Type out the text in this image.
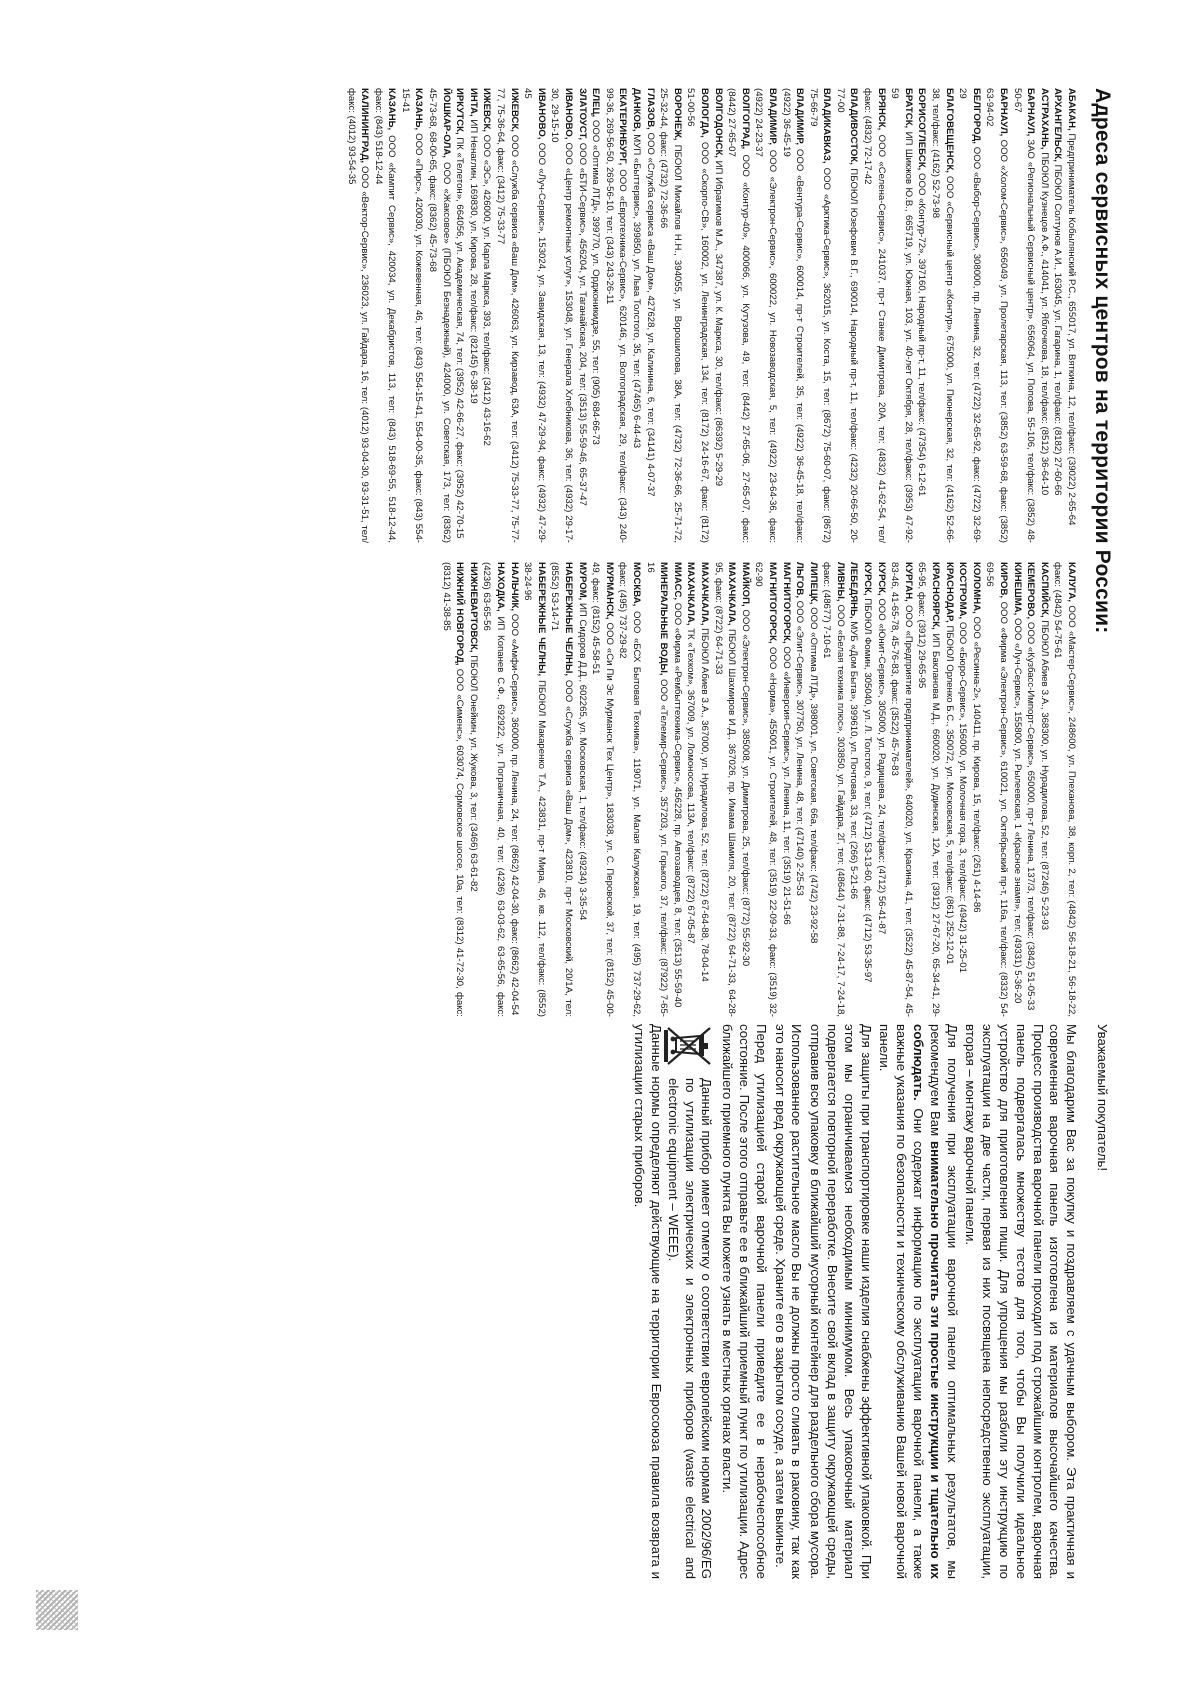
Адреса сервисных центров на территории России:

АБАКАН, Предприниматель Кобылянский Р.С., 655017, ул. Вяткина, 12, тел/факс: (39022) 2-65-64

АРХАНГЕЛЬСК, ПБОЮЛ Солтунов А.И., 163045, ул. Гагарина, 1, тел/факс: (8182) 27-60-66

АСТРАХАНЬ, ПБОЮЛ Кузнецов А.Ф., 414041, ул. Яблочкова, 18, тел/факс: (8512) 36-64-10

БАРНАУЛ, ЗАО «Региональный Сервисный центр», 656064, ул. Попова, 55-106, тел/факс: (3852) 48-50-67

БАРНАУЛ, ООО «Холом-Сервис», 656049, ул. Пролетарская, 113, тел: (3852) 63-59-68, факс: (3852) 63-94-02

БЕЛГОРОД, ООО «Выбор-Сервис», 308000, пр. Ленина, 32, тел: (4722) 32-65-92, факс: (4722) 32-69-29

БЛАГОВЕЩЕНСК, ООО «Сервисный центр «Контур», 675000, ул. Пионерская, 32, тел: (4162) 52-66-38, тел/факс: (4162) 52-73-98

БОРИСОГЛЕБСК, ООО «Контур-72», 397160, Народный пр-т, 11, тел/факс: (47354) 6-12-61

БРАТСК, ИП Шикжов Ю.В., 665719, ул. Южная, 103, ул. 40-лет Октября, 28, тел/факс: (3953) 47-92-59

БРЯНСК, ООО «Селена-Сервис», 241037, пр-т Станке Димитрова, 20А, тел: (4832) 41-62-54, тел/факс: (4832) 72-17-42

ВЛАДИВОСТОК, ПБОЮЛ Юзефович В.Г., 690014, Народный пр-т, 11, тел/факс: (4232) 20-66-50, 20-77-00

ВЛАДИКАВКАЗ, ООО «Арктика-Сервис», 362015, ул. Коста, 15, тел: (8672) 75-60-07, факс: (8672) 75-66-79

ВЛАДИМИР, ООО «Вентура-Сервис», 600014, пр-т Строителей, 35, тел: (4922) 36-45-18, тел/факс: (4922) 36-45-19

ВЛАДИМИР, ООО «Электрон-Сервис», 600022, ул. Новозаводская, 5, тел: (4922) 23-64-36, факс: (4922) 24-23-37

ВОЛГОГРАД, ООО «Контур-40», 400066, ул. Кутузова, 49, тел: (8442) 27-65-06, 27-65-07, факс: (8442) 27-65-07

ВОЛГОДОНСК, ИП Ибрагимов М.А., 347387, ул. К. Маркса, 30, тел/факс: (86392) 5-29-29

ВОЛОГДА, ООО «Скорпо-СВ», 160002, ул. Ленинградская, 134, тел: (8172) 24-16-67, факс: (8172) 51-00-56

ВОРОНЕЖ, ПБОЮЛ Михайлов Н.Н., 394055, ул. Ворошилова, 38А, тел: (4732) 72-36-66, 25-71-72, 25-32-44, факс: (4732) 72-36-66

ГЛАЗОВ, ООО «Служба сервиса «Ваш Дом», 427628, ул. Калинина, 6, тел: (34141) 4-07-37

ДАНКОВ, МУП «Быттервис», 399850, ул. Льва Толстого, 35, тел: (47465) 6-44-43

ЕКАТЕРИНБУРГ, ООО «Евротехника-Сервис», 620146, ул. Волгоградская, 29, тел/факс: (343) 240-99-36, 269-56-50, 269-56-10, тел: (343) 243-26-11

ЕЛЕЦ, ООО «Оптима ЛТД», 399770, ул. Орджоникидзе, 55, тел: (905) 684-66-73

ЗЛАТОУСТ, ООО «БТИ-Сервис», 456204, ул. Таганайская, 204, тел: (3513) 55-59-46, 65-37-47

ИВАНОВО, ООО «Центр ремонтных услуг», 153048, ул. Генерала Хлебникова, 36, тел: (4932) 29-17-30, 29-15-10

ИВАНОВО, ООО «Луч-Сервис», 153024, ул. Завидская, 13, тел: (4932) 47-29-94, факс: (4932) 47-29-45

ИЖЕВСК, ООО «Служба сервиса «Ваш Дом», 426063, ул. Кирзавод, 63А, тел: (3412) 75-33-77, 75-77-77, 75-36-64, факс: (3412) 75-33-77

ИЖЕВСК, ООО «ЭС», 426000, ул. Карла Маркса, 393, тел/факс: (3412) 43-16-62

ИНТА, ИП Ненаглин, 169830, ул. Кирова, 28, тел/факс: (82145) 6-38-19

ИРКУТСК, ПК «Телетон», 664056, ул. Академическая, 74, тел: (3952) 42-66-27, факс: (3952) 42-70-15

ЙОШКАР-ОЛА, ООО «Жаксовое» (ПБОЮЛ Безнадежный), 424000, ул. Советская, 173, тел: (8362) 45-73-68, 68-00-65, факс: (8362) 45-73-68

КАЗАНЬ, ООО «Пирс», 420030, ул. Кожевенная, 46, тел: (843) 554-15-41, 554-00-35, факс: (843) 554-15-41

КАЗАНЬ, ООО «Кампит Сервис», 420034, ул. Декабристов, 113, тел: (843) 518-69-55, 518-12-44, факс: (843) 518-12-44

КАЛИНИНГРАД, ООО «Вектор-Сервис», 236023, ул. Гайдара, 16, тел: (4012) 93-04-30, 93-31-51, тел/факс: (4012) 93-54-35

КАЛУГА, ООО «Мастер-Сервис», 248600, ул. Плеханова, 38, корп. 2, тел: (4842) 56-18-21, 56-18-22, факс: (4842) 54-75-61

КАСПИЙСК, ПБОЮЛ Абиев З.А., 368300, ул. Нурадилова, 52, тел: (87246) 5-23-93

КЕМЕРОВО, ООО «Кузбасс-Импорт-Сервис», 650000, пр-т Ленина, 137/3, тел/факс: (3842) 51-05-33

КИНЕШМА, ООО «Луч-Сервис», 155800, ул. Рылеевская, 1 «Красное знамя», тел: (49331) 5-36-20

КИРОВ, ООО «Фирма «Электрон-Сервис», 610021, ул. Октябрьский пр-т, 116а, тел/факс: (8332) 54-69-56

КОЛОМНА, ООО «Ресинна-2», 140411, пр. Кирова, 15, тел/факс: (261) 4-14-86

КОСТРОМА, ООО «Бюро-Сервис», 156000, ул. Молочная гора, 3, тел/факс: (4942) 31-25-01

КРАСНОДАР, ПБОЮЛ Орленко Б.С., 350072, ул. Московская, 5, тел/факс: (861) 252-12-01

КРАСНОЯРСК, ИП Бакланова М.Д., 660020, ул. Дудинская, 12А, тел: (3912) 27-67-20, 65-34-41, 29-65-95, факс: (3912) 29-65-95

КУРГАН, ООО «Предприятие предпринимателей», 640020, ул. Красина, 41, тел: (3522) 45-87-54, 45-83-46, 41-65-78, 45-76-83, факс: (3522) 45-76-83

КУРСК, ООО «Юнит-Сервис», 305000, ул. Радищева, 24, тел/факс: (4712) 56-41-87

КУРСК, ПБОЮЛ Фомин, 305040, ул. Л. Толстого, 9, тел: (4712) 53-13-60, факс: (4712) 53-35-97

ЛЕБЕДЯНЬ, МУБ «Дом Быта», 399610, ул. Почтовая, 33, тел: (266) 5-21-66

ЛИВНЫ, ООО «Белая техника плюс», 303850, ул. Гайдара, 2Г, тел: (48644) 7-31-88, 7-24-17, 7-24-18, факс: (48677) 7-10-61

ЛИПЕЦК, ООО «Оптима ЛТД», 398001, ул. Советская, 66а, тел/факс: (4742) 23-92-58

ЛЬГОВ, ООО «Элит-Сервис», 307750, ул. Ленина, 48, тел: (47140) 2-25-53

МАГНИТОГОРСК, ООО «Инверсия-Сервис», ул. Ленина, 11, тел: (3519) 21-51-66

МАГНИТОГОРСК, ООО «Норма», 455001, ул. Строителей, 48, тел: (3519) 22-09-33, факс: (3519) 32-62-90

МАЙКОП, ООО «Электрон-Сервис», 385008, ул. Димитрова, 25, тел/факс: (8772) 55-92-30

МАХАЧКАЛА, ПБОЮЛ Шахмиров И.Д., 367026, пр. Имама Шамиля, 20, тел: (8722) 64-71-33, 64-28-95, факс: (8722) 64-71-33

МАХАЧКАЛА, ПБОЮЛ Абиев З.А., 367000, ул. Нурадилова, 52, тел: (8722) 67-64-88, 78-04-14

МАХАЧКАЛА, ТК «Техком», 367009, ул. Ломоносова, 113А, тел/факс: (8722) 67-05-87

МИАСС, ООО «Фирма «Рембыттехника-Сервис», 456228, пр. Автозаводцев, 8, тел: (3513) 55-59-40

МИНЕРАЛЬНЫЕ ВОДЫ, ООО «Телемир-Сервис», 357203, ул. Горького, 37, тел/факс: (87922) 7-65-16

МОСКВА, ООО «БСХ Бытовая Техника», 119071, ул. Малая Калужская, 19, тел: (495) 737-29-62, факс: (495) 737-29-82

МУРМАНСК, ООО «Си Пи Эс Мурманск Тех Центр», 183038, ул. С. Перовской, 37, тел: (8152) 45-00-49, факс: (8152) 45-58-51

МУРОМ, ИП Сидоров Д.Д., 602265, ул. Московская, 1, тел/факс: (49234) 3-35-54

НАБЕРЕЖНЫЕ ЧЕЛНЫ, ООО «Служба сервиса «Ваш Дом», 423810, пр-т Московский, 20/1А, тел: (8552) 53-14-71

НАБЕРЕЖНЫЕ ЧЕЛНЫ, ПБОЮЛ Макаренко Т.А., 423831, пр-т Мира, 46, кв. 112, тел/факс: (8552) 38-24-96

НАЛЬЧИК, ООО «Амфи-Сервис», 360000, пр. Ленина, 24, тел: (8662) 42-04-30, факс: (8662) 42-04-54

НАХОДКА, ИП Копанев С.Ф., 692922, ул. Пограничная, 40, тел: (4236) 63-03-62, 63-65-56, факс: (4236) 63-65-56

НИЖНЕВАРТОВСК, ПБОЮЛ Онейкин, ул. Жукова, 3, тел: (3466) 63-61-82

НИЖНИЙ НОВГОРОД, ООО «Сименс», 603074, Сормовское шоссе, 10а, тел: (8312) 41-72-30, факс: (8312) 41-38-85

Уважаемый покупатель!

Мы благодарим Вас за покупку и поздравляем с удачным выбором. Эта практичная и современная варочная панель изготовлена из материалов высочайшего качества. Процесс производства варочной панели проходил под строжайшим контролем, варочная панель подвергалась множеству тестов для того, чтобы Вы получили идеальное устройство для приготовления пищи. Для упрощения мы разбили эту инструкцию по эксплуатации на две части, первая из них посвящена непосредственно эксплуатации, вторая – монтажу варочной панели.

Для получения при эксплуатации варочной панели оптимальных результатов, мы рекомендуем Вам внимательно прочитать эти простые инструкции и тщательно их соблюдать. Они содержат информацию по эксплуатации варочной панели, а также важные указания по безопасности и техническому обслуживанию Вашей новой варочной панели.

Для защиты при транспортировке наши изделия снабжены эффективной упаковкой. При этом мы ограничиваемся необходимым минимумом. Весь упаковочный материал подвергается повторной переработке. Внесите свой вклад в защиту окружающей среды, отправив всю упаковку в ближайший мусорный контейнер для раздельного сбора мусора.

Использованное растительное масло Вы не должны просто сливать в раковину, так как это наносит вред окружающей среде. Храните его в закрытом сосуде, а затем выкиньте.

Перед утилизацией старой варочной панели приведите ее в нерабочеспособное состояние. После этого отправьте ее в ближайший приемный пункт по утилизации. Адрес ближайшего приемного пункта Вы можете узнать в местных органах власти.

Данный прибор имеет отметку о соответствии европейским нормам 2002/96/EG по утилизации электрических и электронных приборов (waste electrical and electronic equipment – WEEE).

Данные нормы определяют действующие на территории Евросоюза правила возврата и утилизации старых приборов.
